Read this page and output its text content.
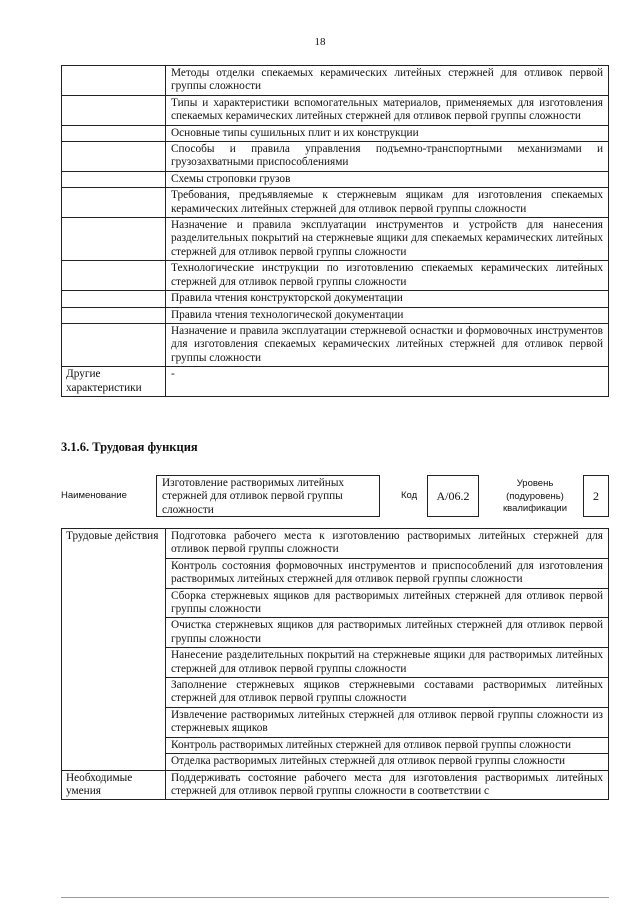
18
	Методы отделки спекаемых керамических литейных стержней для отливок первой группы сложности
	Типы и характеристики вспомогательных материалов, применяемых для изготовления спекаемых керамических литейных стержней для отливок первой группы сложности
	Основные типы сушильных плит и их конструкции
	Способы и правила управления подъемно-транспортными механизмами и грузозахватными приспособлениями
	Схемы строповки грузов
	Требования, предъявляемые к стержневым ящикам для изготовления спекаемых керамических литейных стержней для отливок первой группы сложности
	Назначение и правила эксплуатации инструментов и устройств для нанесения разделительных покрытий на стержневые ящики для спекаемых керамических литейных стержней для отливок первой группы сложности
	Технологические инструкции по изготовлению спекаемых керамических литейных стержней для отливок первой группы сложности
	Правила чтения конструкторской документации
	Правила чтения технологической документации
	Назначение и правила эксплуатации стержневой оснастки и формовочных инструментов для изготовления спекаемых керамических литейных стержней для отливок первой группы сложности
Другие характеристики	-
3.1.6. Трудовая функция
Наименование
Изготовление растворимых литейных стержней для отливок первой группы сложности
Код	A/06.2
Уровень (подуровень) квалификации
2
Трудовые действия	Подготовка рабочего места к изготовлению растворимых литейных стержней для отливок первой группы сложности
	Контроль состояния формовочных инструментов и приспособлений для изготовления растворимых литейных стержней для отливок первой группы сложности
	Сборка стержневых ящиков для растворимых литейных стержней для отливок первой группы сложности
	Очистка стержневых ящиков для растворимых литейных стержней для отливок первой группы сложности
	Нанесение разделительных покрытий на стержневые ящики для растворимых литейных стержней для отливок первой группы сложности
	Заполнение стержневых ящиков стержневыми составами растворимых литейных стержней для отливок первой группы сложности
	Извлечение растворимых литейных стержней для отливок первой группы сложности из стержневых ящиков
	Контроль растворимых литейных стержней для отливок первой группы сложности
	Отделка растворимых литейных стержней для отливок первой группы сложности
Необходимые умения	Поддерживать состояние рабочего места для изготовления растворимых литейных стержней для отливок первой группы сложности в соответствии с
